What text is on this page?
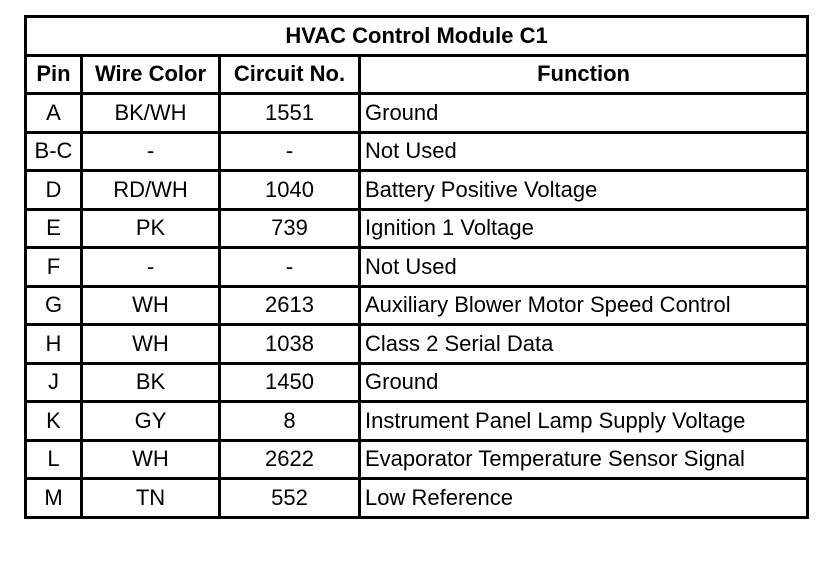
HVAC Control Module C1			
Pin	Wire Color	Circuit No.	Function
A	BK/WH	1551	Ground
B-C	-	-	Not Used
D	RD/WH	1040	Battery Positive Voltage
E	PK	739	Ignition 1 Voltage
F	-	-	Not Used
G	WH	2613	Auxiliary Blower Motor Speed Control
H	WH	1038	Class 2 Serial Data
J	BK	1450	Ground
K	GY	8	Instrument Panel Lamp Supply Voltage
L	WH	2622	Evaporator Temperature Sensor Signal
M	TN	552	Low Reference
